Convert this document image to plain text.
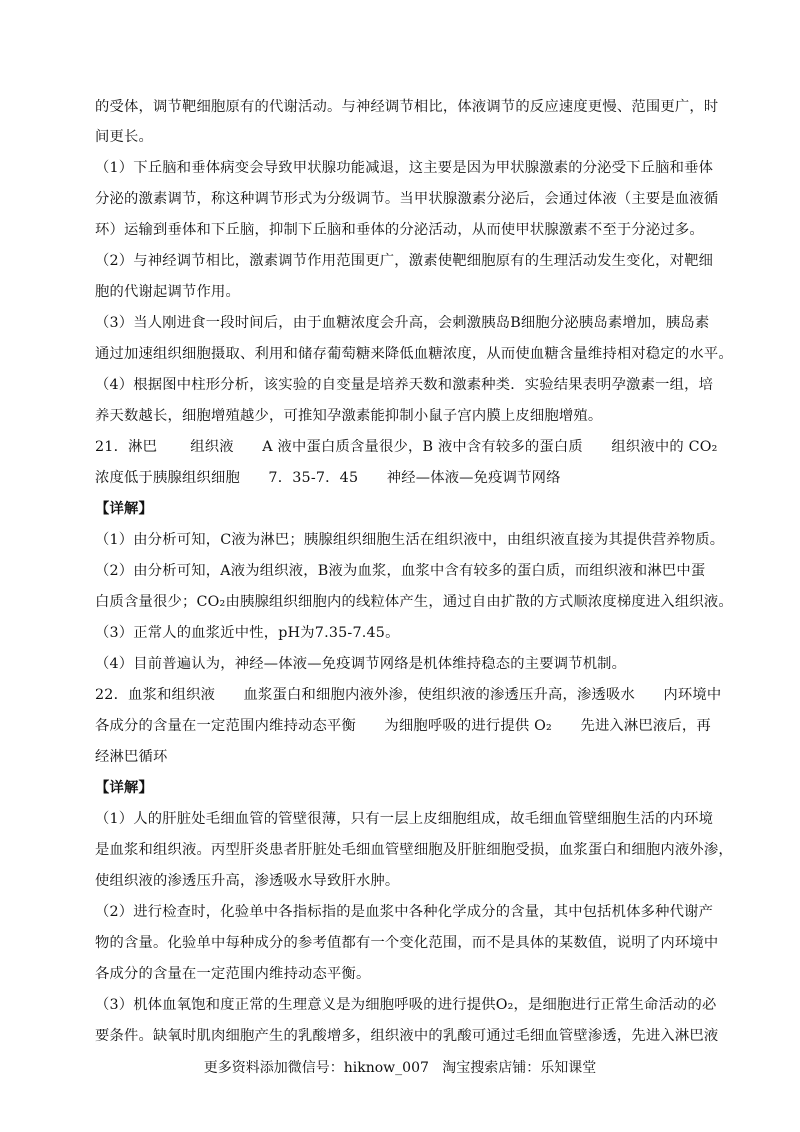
的受体，调节靶细胞原有的代谢活动。与神经调节相比，体液调节的反应速度更慢、范围更广，时
间更长。
（1）下丘脑和垂体病变会导致甲状腺功能减退，这主要是因为甲状腺激素的分泌受下丘脑和垂体
分泌的激素调节，称这种调节形式为分级调节。当甲状腺激素分泌后，会通过体液（主要是血液循
环）运输到垂体和下丘脑，抑制下丘脑和垂体的分泌活动，从而使甲状腺激素不至于分泌过多。
（2）与神经调节相比，激素调节作用范围更广，激素使靶细胞原有的生理活动发生变化，对靶细
胞的代谢起调节作用。
（3）当人刚进食一段时间后，由于血糖浓度会升高，会刺激胰岛B细胞分泌胰岛素增加，胰岛素
通过加速组织细胞摄取、利用和储存葡萄糖来降低血糖浓度，从而使血糖含量维持相对稳定的水平。
（4）根据图中柱形分析，该实验的自变量是培养天数和激素种类．实验结果表明孕激素一组，培
养天数越长，细胞增殖越少，可推知孕激素能抑制小鼠子宫内膜上皮细胞增殖。
21．淋巴       组织液      A 液中蛋白质含量很少，B 液中含有较多的蛋白质      组织液中的 CO₂
浓度低于胰腺组织细胞      7．35-7．45      神经—体液—免疫调节网络
【详解】
（1）由分析可知，C液为淋巴；胰腺组织细胞生活在组织液中，由组织液直接为其提供营养物质。
（2）由分析可知，A液为组织液，B液为血浆，血浆中含有较多的蛋白质，而组织液和淋巴中蛋
白质含量很少；CO₂由胰腺组织细胞内的线粒体产生，通过自由扩散的方式顺浓度梯度进入组织液。
（3）正常人的血浆近中性，pH为7.35-7.45。
（4）目前普遍认为，神经—体液—免疫调节网络是机体维持稳态的主要调节机制。
22．血浆和组织液      血浆蛋白和细胞内液外渗，使组织液的渗透压升高，渗透吸水      内环境中
各成分的含量在一定范围内维持动态平衡      为细胞呼吸的进行提供 O₂      先进入淋巴液后，再
经淋巴循环
【详解】
（1）人的肝脏处毛细血管的管壁很薄，只有一层上皮细胞组成，故毛细血管壁细胞生活的内环境
是血浆和组织液。丙型肝炎患者肝脏处毛细血管壁细胞及肝脏细胞受损，血浆蛋白和细胞内液外渗，
使组织液的渗透压升高，渗透吸水导致肝水肿。
（2）进行检查时，化验单中各指标指的是血浆中各种化学成分的含量，其中包括机体多种代谢产
物的含量。化验单中每种成分的参考值都有一个变化范围，而不是具体的某数值，说明了内环境中
各成分的含量在一定范围内维持动态平衡。
（3）机体血氧饱和度正常的生理意义是为细胞呼吸的进行提供O₂，是细胞进行正常生命活动的必
要条件。缺氧时肌肉细胞产生的乳酸增多，组织液中的乳酸可通过毛细血管壁渗透，先进入淋巴液
更多资料添加微信号：hiknow_007   淘宝搜索店铺：乐知课堂
